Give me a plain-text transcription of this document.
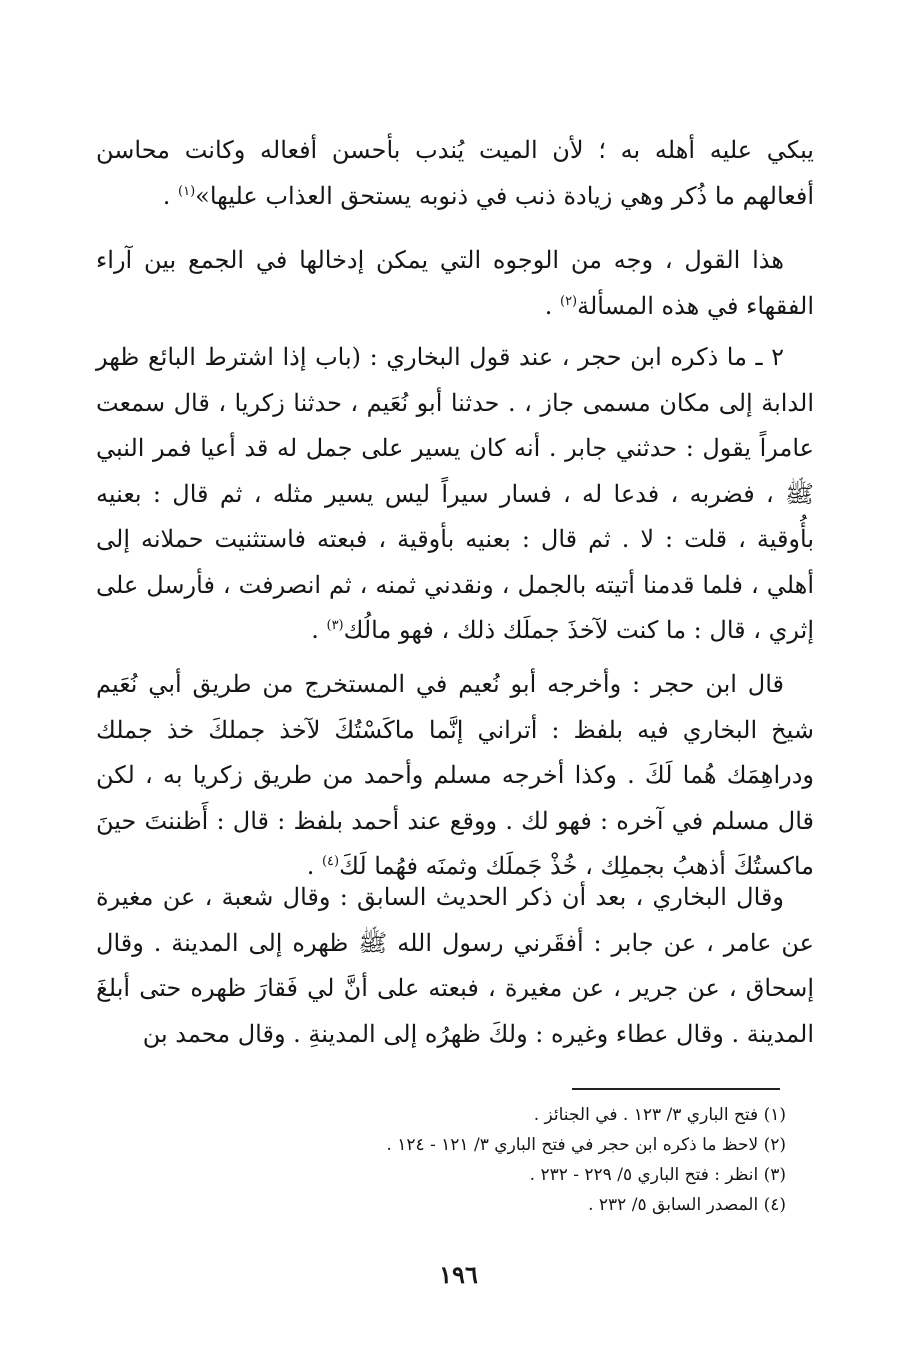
يبكي عليه أهله به ؛ لأن الميت يُندب بأحسن أفعاله وكانت محاسن أفعالهم ما ذُكر وهي زيادة ذنب في ذنوبه يستحق العذاب عليها»$^{(١)}$ .

هذا القول ، وجه من الوجوه التي يمكن إدخالها في الجمع بين آراء الفقهاء في هذه المسألة$^{(٢)}$ .

٢ ـ ما ذكره ابن حجر ، عند قول البخاري : (باب إذا اشترط البائع ظهر الدابة إلى مكان مسمى جاز ، . حدثنا أبو نُعَيم ، حدثنا زكريا ، قال سمعت عامراً يقول : حدثني جابر . أنه كان يسير على جمل له قد أعيا فمر النبي ﷺ ، فضربه ، فدعا له ، فسار سيراً ليس يسير مثله ، ثم قال : بعنيه بأُوقية ، قلت : لا . ثم قال : بعنيه بأوقية ، فبعته فاستثنيت حملانه إلى أهلي ، فلما قدمنا أتيته بالجمل ، ونقدني ثمنه ، ثم انصرفت ، فأرسل على إثري ، قال : ما كنت لآخذَ جملَك ذلك ، فهو مالُك$^{(٣)}$ .

قال ابن حجر : وأخرجه أبو نُعيم في المستخرج من طريق أبي نُعَيم شيخ البخاري فيه بلفظ : أتراني إنَّما ماكَسْتُكَ لآخذ جملكَ خذ جملك ودراهِمَك هُما لَكَ . وكذا أخرجه مسلم وأحمد من طريق زكريا به ، لكن قال مسلم في آخره : فهو لك . ووقع عند أحمد بلفظ : قال : أَظننتَ حينَ ماكستُكَ أذهبُ بجملِك ، خُذْ جَملَك وثمنَه فهُما لَكَ$^{(٤)}$ .

وقال البخاري ، بعد أن ذكر الحديث السابق : وقال شعبة ، عن مغيرة عن عامر ، عن جابر : أفقَرني رسول الله ﷺ ظهره إلى المدينة . وقال إسحاق ، عن جرير ، عن مغيرة ، فبعته على أنَّ لي فَقارَ ظهره حتى أبلغَ المدينة . وقال عطاء وغيره : ولكَ ظهرُه إلى المدينةِ . وقال محمد بن

(١) فتح الباري ٣/ ١٢٣ . في الجنائز .

(٢) لاحظ ما ذكره ابن حجر في فتح الباري ٣/ ١٢١ - ١٢٤ .

(٣) انظر : فتح الباري ٥/ ٢٢٩ - ٢٣٢ .

(٤) المصدر السابق ٥/ ٢٣٢ .

١٩٦
